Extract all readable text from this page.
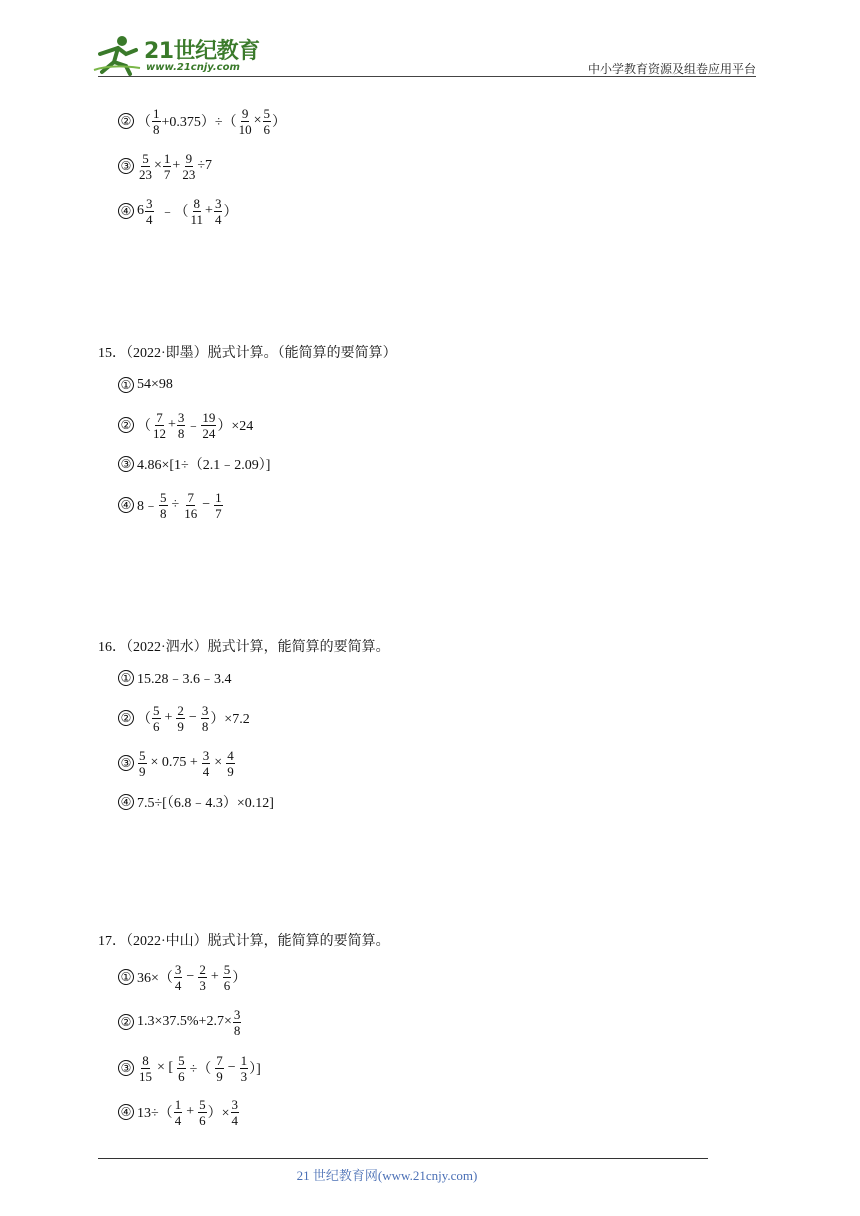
21世纪教育
www.21cnjy.com	中小学教育资源及组卷应用平台
② （ $\frac{1}{8} +0.375)\div( \frac{9}{10} \times \frac{5}{6}$ ）
③ $\frac{5}{23} \times \frac{1}{7} + \frac{9}{23} \div 7$
④ $6 \frac{3}{4}$ ﹣（ $\frac{8}{11} + \frac{3}{4}$ ）
15．（2022·即墨）脱式计算。（能简算的要简算）
① 54×98
② （ $\frac{7}{12} + \frac{3}{8}$ ﹣ $\frac{19}{24} )\times 24$
③ 4.86×[1÷（2.1﹣2.09）]
④ 8﹣ $\frac{5}{8} \div \frac{7}{16} - \frac{1}{7}$
16．（2022·泗水）脱式计算，能简算的要简算。
① 15.28﹣3.6﹣3.4
② （ $\frac{5}{6} + \frac{2}{9} - \frac{3}{8} )\times 7.2$
③ $\frac{5}{9} \times 0.75 + \frac{3}{4} \times \frac{4}{9}$
④ 7.5÷[（6.8﹣4.3）×0.12]
17．（2022·中山）脱式计算，能简算的要简算。
① $36\times( \frac{3}{4} - \frac{2}{3} + \frac{5}{6}$ ）
② $1.3\times 37.5\%+2.7\times \frac{3}{8}$
③ $\frac{8}{15}$ × [ $\frac{5}{6}$ ÷（ $\frac{7}{9} - \frac{1}{3}$ ）]
④ $13\div( \frac{1}{4} + \frac{5}{6}$ ）× $\frac{3}{4}$
21 世纪教育网(www.21cnjy.com)
